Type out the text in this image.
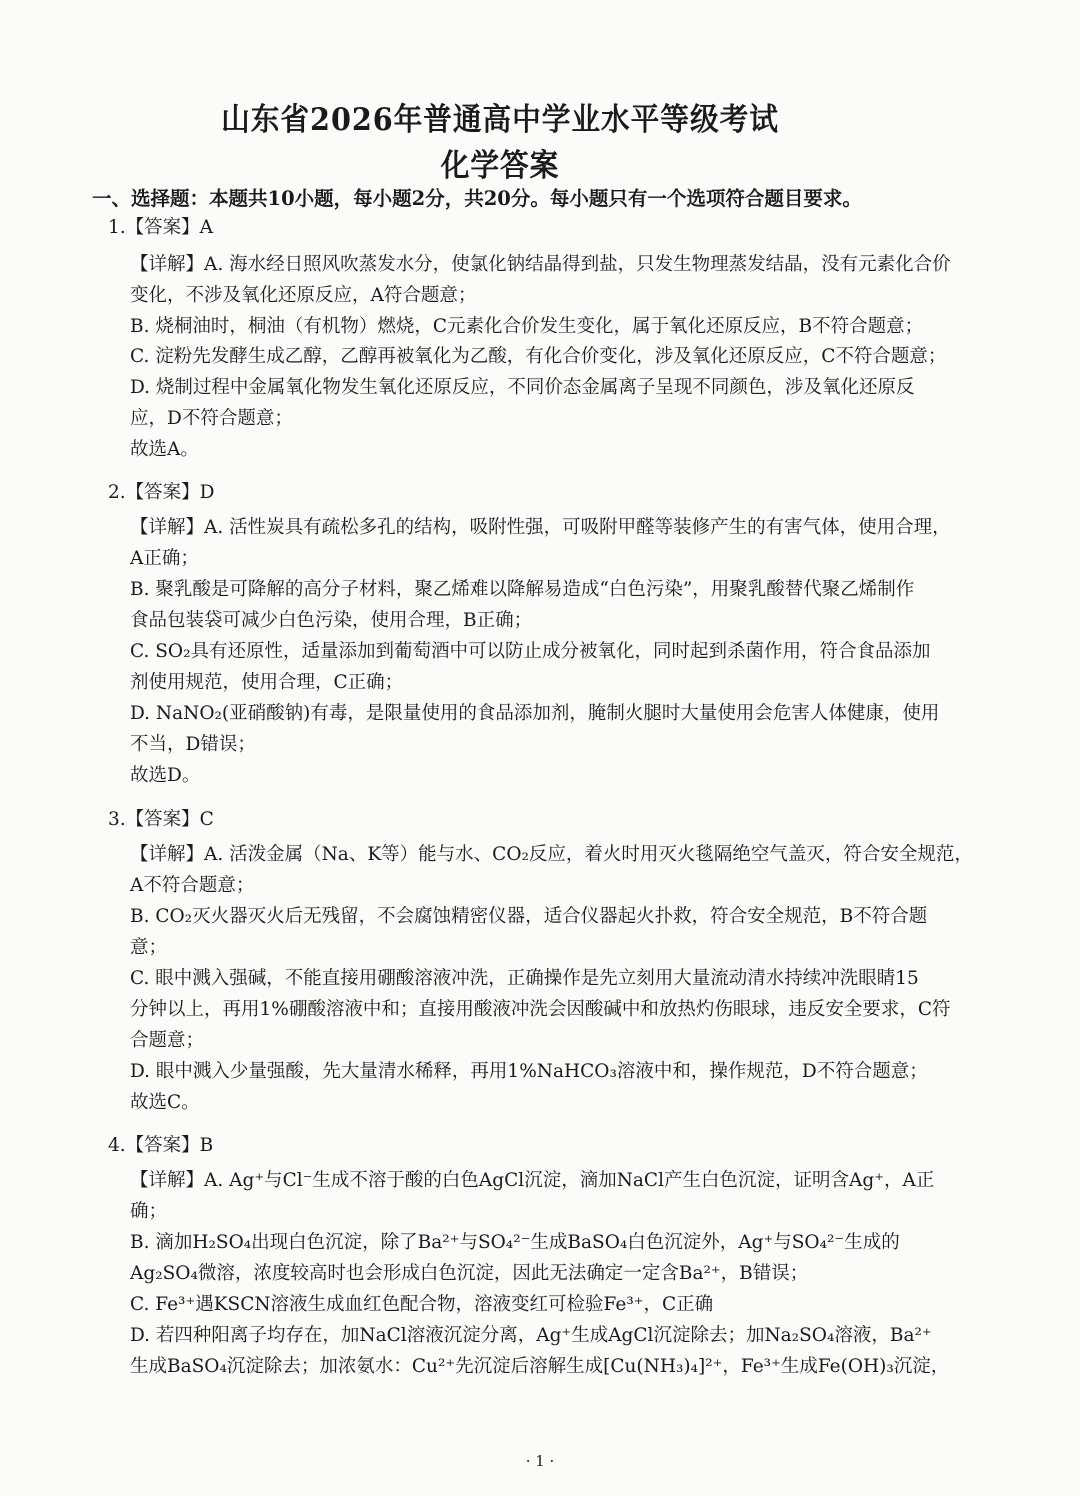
山东省2026年普通高中学业水平等级考试
化学答案
一、选择题：本题共10小题，每小题2分，共20分。每小题只有一个选项符合题目要求。
1.【答案】A
【详解】A. 海水经日照风吹蒸发水分，使氯化钠结晶得到盐，只发生物理蒸发结晶，没有元素化合价
变化，不涉及氧化还原反应，A符合题意；
B. 烧桐油时，桐油（有机物）燃烧，C元素化合价发生变化，属于氧化还原反应，B不符合题意；
C. 淀粉先发酵生成乙醇，乙醇再被氧化为乙酸，有化合价变化，涉及氧化还原反应，C不符合题意；
D. 烧制过程中金属氧化物发生氧化还原反应，不同价态金属离子呈现不同颜色，涉及氧化还原反
应，D不符合题意；
故选A。
2.【答案】D
【详解】A. 活性炭具有疏松多孔的结构，吸附性强，可吸附甲醛等装修产生的有害气体，使用合理，
A正确；
B. 聚乳酸是可降解的高分子材料，聚乙烯难以降解易造成“白色污染”，用聚乳酸替代聚乙烯制作
食品包装袋可减少白色污染，使用合理，B正确；
C. SO₂具有还原性，适量添加到葡萄酒中可以防止成分被氧化，同时起到杀菌作用，符合食品添加
剂使用规范，使用合理，C正确；
D. NaNO₂(亚硝酸钠)有毒，是限量使用的食品添加剂，腌制火腿时大量使用会危害人体健康，使用
不当，D错误；
故选D。
3.【答案】C
【详解】A. 活泼金属（Na、K等）能与水、CO₂反应，着火时用灭火毯隔绝空气盖灭，符合安全规范，
A不符合题意；
B. CO₂灭火器灭火后无残留，不会腐蚀精密仪器，适合仪器起火扑救，符合安全规范，B不符合题
意；
C. 眼中溅入强碱，不能直接用硼酸溶液冲洗，正确操作是先立刻用大量流动清水持续冲洗眼睛15
分钟以上，再用1%硼酸溶液中和；直接用酸液冲洗会因酸碱中和放热灼伤眼球，违反安全要求，C符
合题意；
D. 眼中溅入少量强酸，先大量清水稀释，再用1%NaHCO₃溶液中和，操作规范，D不符合题意；
故选C。
4.【答案】B
【详解】A. Ag⁺与Cl⁻生成不溶于酸的白色AgCl沉淀，滴加NaCl产生白色沉淀，证明含Ag⁺，A正
确；
B. 滴加H₂SO₄出现白色沉淀，除了Ba²⁺与SO₄²⁻生成BaSO₄白色沉淀外，Ag⁺与SO₄²⁻生成的
Ag₂SO₄微溶，浓度较高时也会形成白色沉淀，因此无法确定一定含Ba²⁺，B错误；
C. Fe³⁺遇KSCN溶液生成血红色配合物，溶液变红可检验Fe³⁺，C正确
D. 若四种阳离子均存在，加NaCl溶液沉淀分离，Ag⁺生成AgCl沉淀除去；加Na₂SO₄溶液，Ba²⁺
生成BaSO₄沉淀除去；加浓氨水：Cu²⁺先沉淀后溶解生成[Cu(NH₃)₄]²⁺，Fe³⁺生成Fe(OH)₃沉淀，
· 1 ·
